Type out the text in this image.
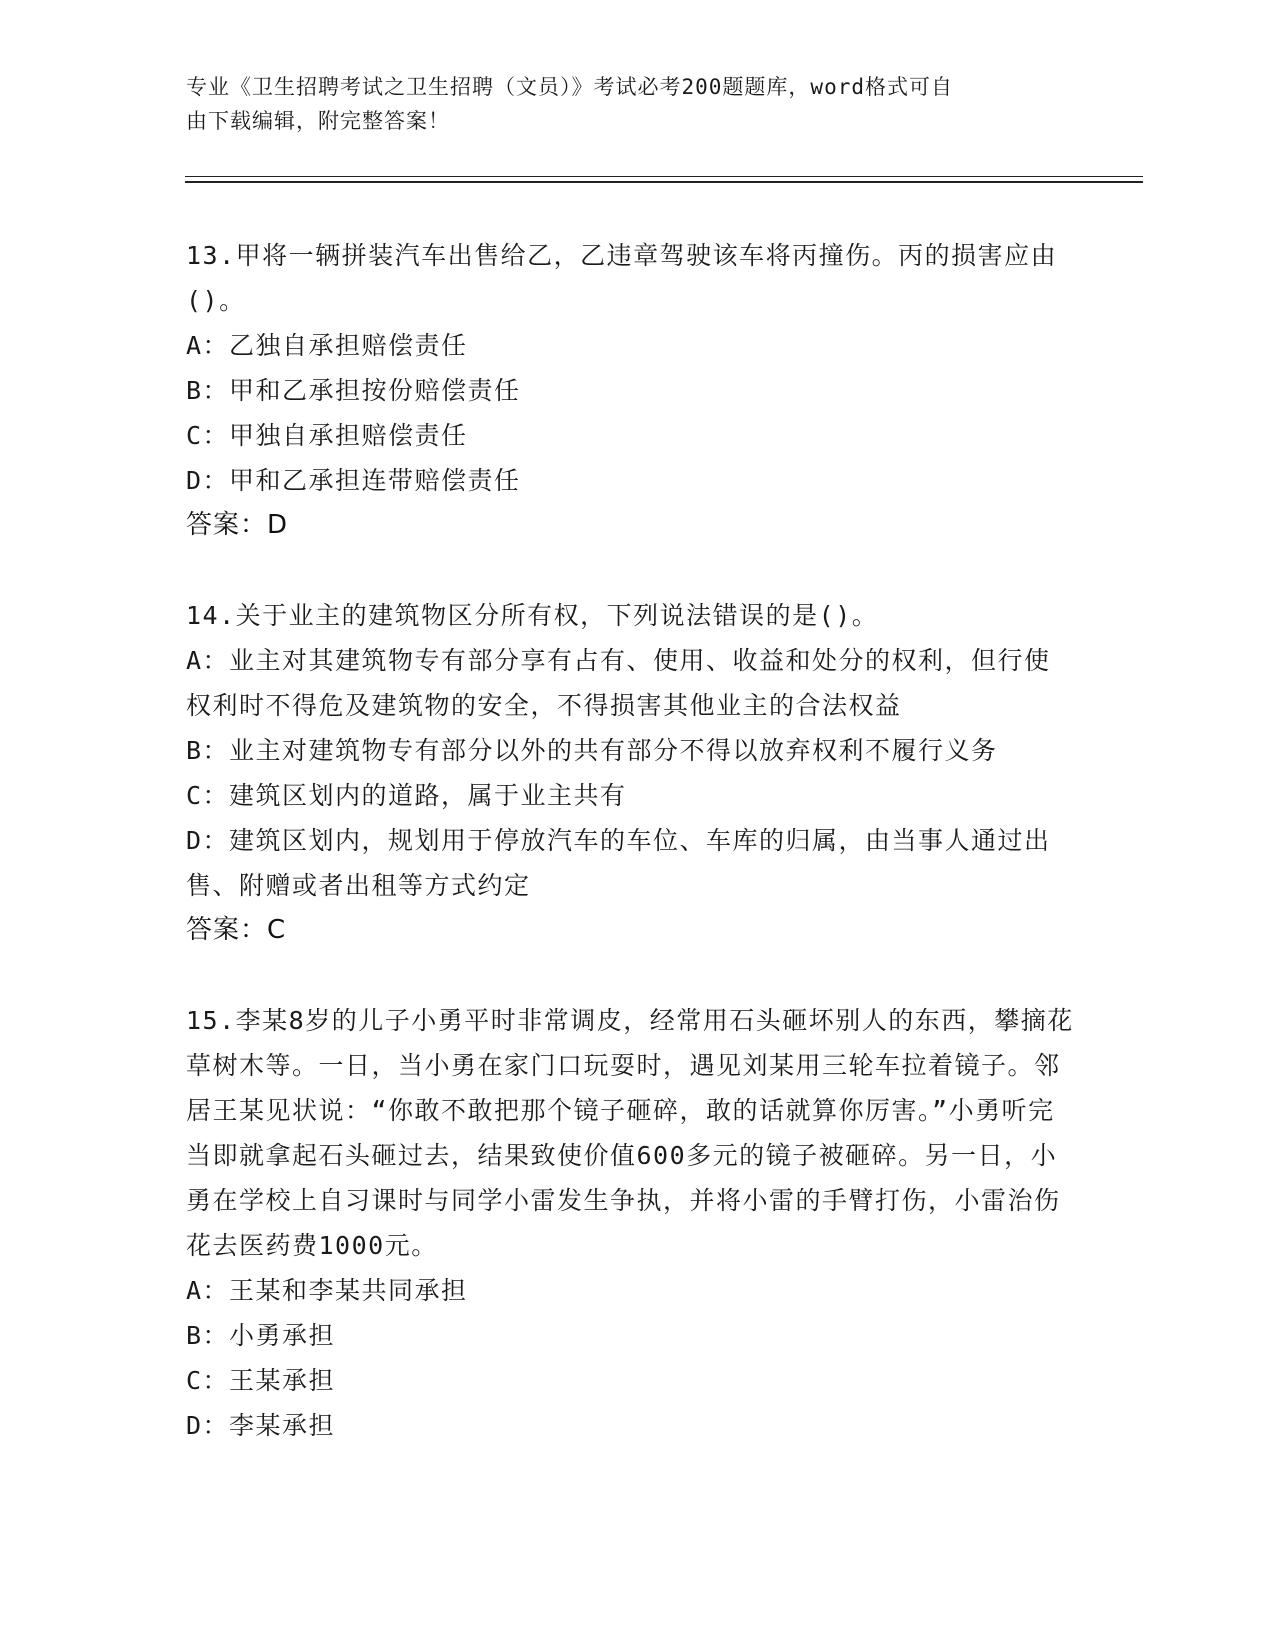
专业《卫生招聘考试之卫生招聘（文员）》考试必考200题题库，word格式可自
由下载编辑，附完整答案！

13.甲将一辆拼装汽车出售给乙，乙违章驾驶该车将丙撞伤。丙的损害应由()。

A：乙独自承担赔偿责任

B：甲和乙承担按份赔偿责任

C：甲独自承担赔偿责任

D：甲和乙承担连带赔偿责任

答案：D

14.关于业主的建筑物区分所有权，下列说法错误的是()。

A：业主对其建筑物专有部分享有占有、使用、收益和处分的权利，但行使权利时不得危及建筑物的安全，不得损害其他业主的合法权益

B：业主对建筑物专有部分以外的共有部分不得以放弃权利不履行义务

C：建筑区划内的道路，属于业主共有

D：建筑区划内，规划用于停放汽车的车位、车库的归属，由当事人通过出售、附赠或者出租等方式约定

答案：C

15.李某8岁的儿子小勇平时非常调皮，经常用石头砸坏别人的东西，攀摘花草树木等。一日，当小勇在家门口玩耍时，遇见刘某用三轮车拉着镜子。邻居王某见状说：“你敢不敢把那个镜子砸碎，敢的话就算你厉害。”小勇听完当即就拿起石头砸过去，结果致使价值600多元的镜子被砸碎。另一日，小勇在学校上自习课时与同学小雷发生争执，并将小雷的手臂打伤，小雷治伤花去医药费1000元。

A：王某和李某共同承担

B：小勇承担

C：王某承担

D：李某承担
